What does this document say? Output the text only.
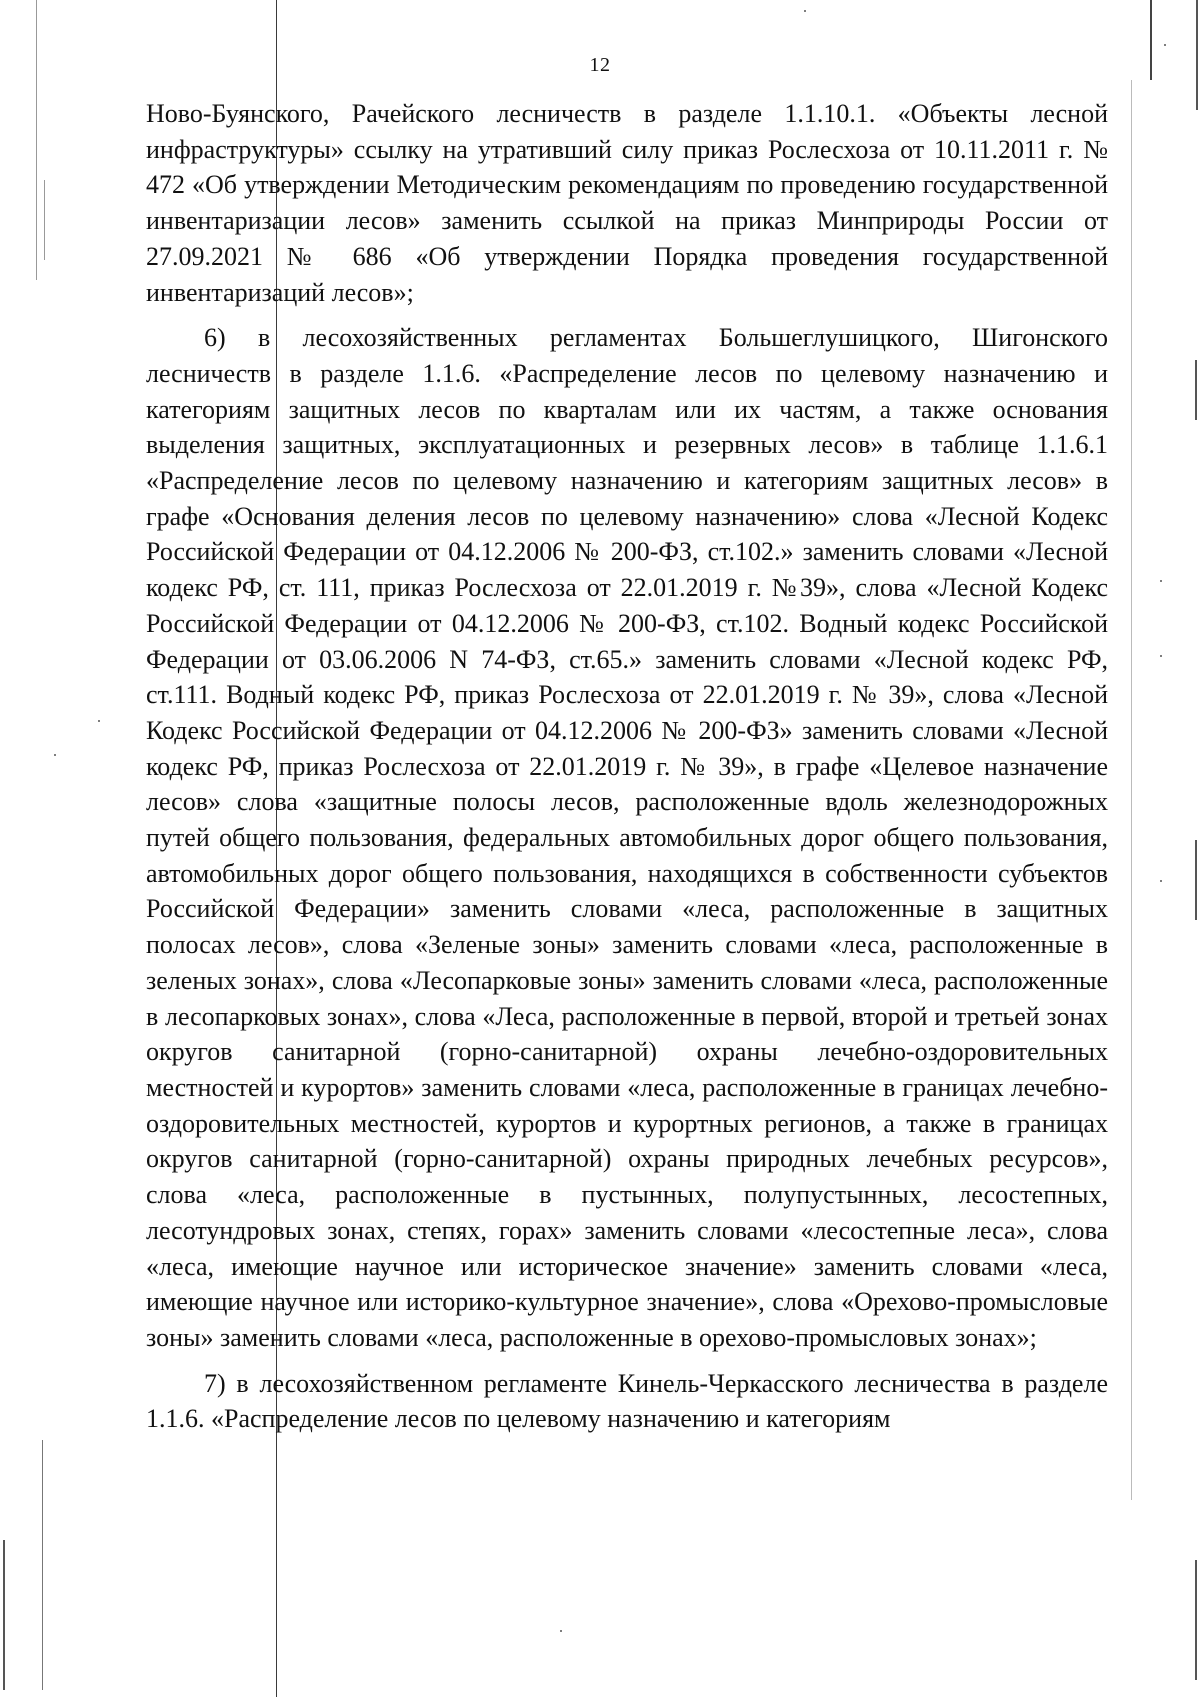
12

Ново-Буянского, Рачейского лесничеств в разделе 1.1.10.1. «Объекты лесной инфраструктуры» ссылку на утративший силу приказ Рослесхоза от 10.11.2011 г. № 472 «Об утверждении Методическим рекомендациям по проведению государственной инвентаризации лесов» заменить ссылкой на приказ Минприроды России от 27.09.2021 № 686 «Об утверждении Порядка проведения государственной инвентаризаций лесов»;

6) в лесохозяйственных регламентах Большеглушицкого, Шигонского лесничеств в разделе 1.1.6. «Распределение лесов по целевому назначению и категориям защитных лесов по кварталам или их частям, а также основания выделения защитных, эксплуатационных и резервных лесов» в таблице 1.1.6.1 «Распределение лесов по целевому назначению и категориям защитных лесов» в графе «Основания деления лесов по целевому назначению» слова «Лесной Кодекс Российской Федерации от 04.12.2006 № 200-ФЗ, ст.102.» заменить словами «Лесной кодекс РФ, ст. 111, приказ Рослесхоза от 22.01.2019 г. №39», слова «Лесной Кодекс Российской Федерации от 04.12.2006 № 200-ФЗ, ст.102. Водный кодекс Российской Федерации от 03.06.2006 N 74-ФЗ, ст.65.» заменить словами «Лесной кодекс РФ, ст.111. Водный кодекс РФ, приказ Рослесхоза от 22.01.2019 г. № 39», слова «Лесной Кодекс Российской Федерации от 04.12.2006 № 200-ФЗ» заменить словами «Лесной кодекс РФ, приказ Рослесхоза от 22.01.2019 г. № 39», в графе «Целевое назначение лесов» слова «защитные полосы лесов, расположенные вдоль железнодорожных путей общего пользования, федеральных автомобильных дорог общего пользования, автомобильных дорог общего пользования, находящихся в собственности субъектов Российской Федерации» заменить словами «леса, расположенные в защитных полосах лесов», слова «Зеленые зоны» заменить словами «леса, расположенные в зеленых зонах», слова «Лесопарковые зоны» заменить словами «леса, расположенные в лесопарковых зонах», слова «Леса, расположенные в первой, второй и третьей зонах округов санитарной (горно-санитарной) охраны лечебно-оздоровительных местностей и курортов» заменить словами «леса, расположенные в границах лечебно-оздоровительных местностей, курортов и курортных регионов, а также в границах округов санитарной (горно-санитарной) охраны природных лечебных ресурсов», слова «леса, расположенные в пустынных, полупустынных, лесостепных, лесотундровых зонах, степях, горах» заменить словами «лесостепные леса», слова «леса, имеющие научное или историческое значение» заменить словами «леса, имеющие научное или историко-культурное значение», слова «Орехово-промысловые зоны» заменить словами «леса, расположенные в орехово-промысловых зонах»;

7) в лесохозяйственном регламенте Кинель-Черкасского лесничества в разделе 1.1.6. «Распределение лесов по целевому назначению и категориям
